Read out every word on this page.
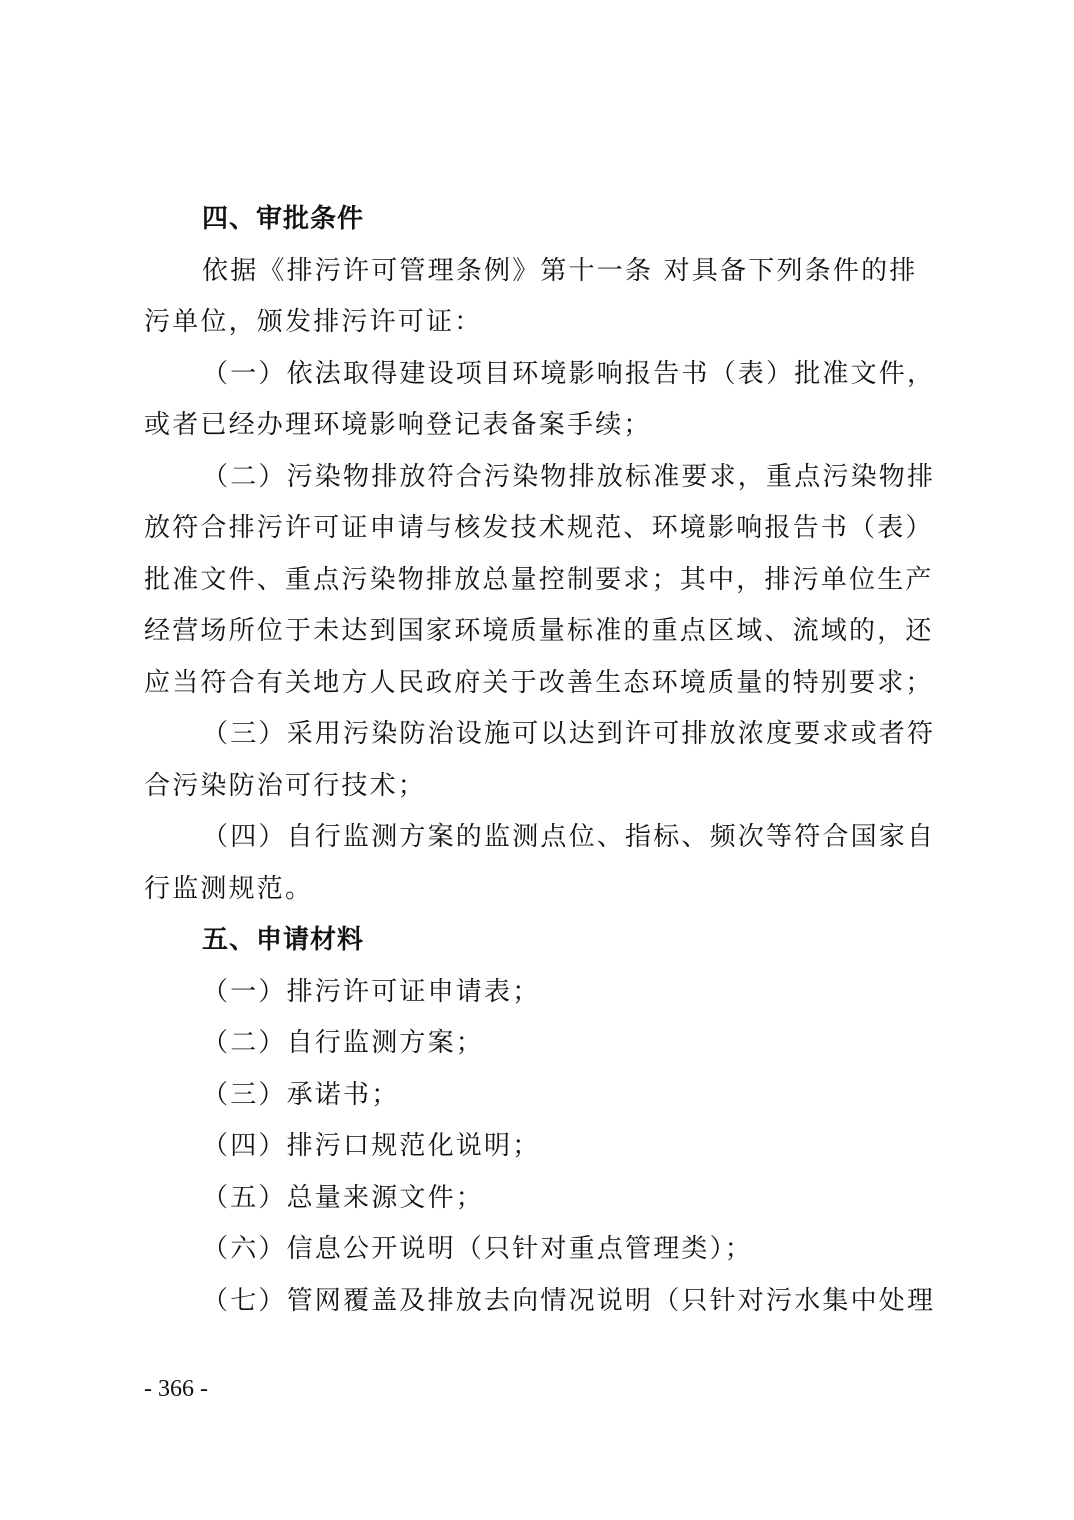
四、审批条件
依据《排污许可管理条例》第十一条 对具备下列条件的排
污单位，颁发排污许可证：
（一）依法取得建设项目环境影响报告书（表）批准文件，
或者已经办理环境影响登记表备案手续；
（二）污染物排放符合污染物排放标准要求，重点污染物排
放符合排污许可证申请与核发技术规范、环境影响报告书（表）
批准文件、重点污染物排放总量控制要求；其中，排污单位生产
经营场所位于未达到国家环境质量标准的重点区域、流域的，还
应当符合有关地方人民政府关于改善生态环境质量的特别要求；
（三）采用污染防治设施可以达到许可排放浓度要求或者符
合污染防治可行技术；
（四）自行监测方案的监测点位、指标、频次等符合国家自
行监测规范。
五、申请材料
（一）排污许可证申请表；
（二）自行监测方案；
（三）承诺书；
（四）排污口规范化说明；
（五）总量来源文件；
（六）信息公开说明（只针对重点管理类）；
（七）管网覆盖及排放去向情况说明（只针对污水集中处理
- 366 -
